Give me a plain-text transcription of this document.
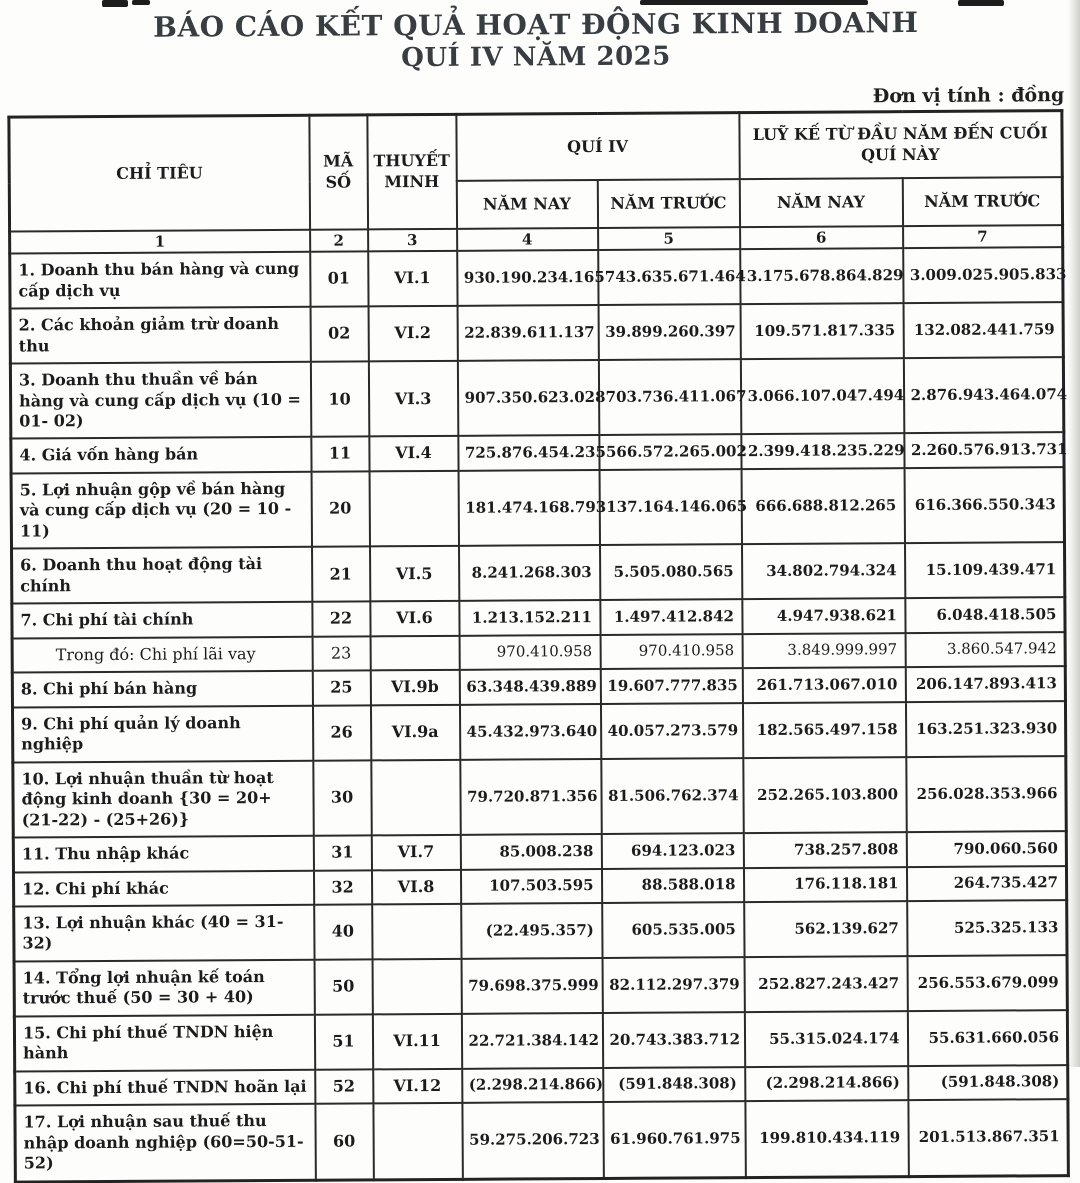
BÁO CÁO KẾT QUẢ HOẠT ĐỘNG KINH DOANH
QUÍ IV NĂM 2025
Đơn vị tính : đồng
CHỈ TIÊU	MÃ SỐ	THUYẾT MINH	QUÍ IV		LUỸ KẾ TỪ ĐẦU NĂM ĐẾN CUỐI QUÍ NÀY	
			NĂM NAY	NĂM TRƯỚC	NĂM NAY	NĂM TRƯỚC
1	2	3	4	5	6	7
1. Doanh thu bán hàng và cung cấp dịch vụ	01	VI.1	930.190.234.165	743.635.671.464	3.175.678.864.829	3.009.025.905.833
2. Các khoản giảm trừ doanh thu	02	VI.2	22.839.611.137	39.899.260.397	109.571.817.335	132.082.441.759
3. Doanh thu thuần về bán hàng và cung cấp dịch vụ (10 = 01- 02)	10	VI.3	907.350.623.028	703.736.411.067	3.066.107.047.494	2.876.943.464.074
4. Giá vốn hàng bán	11	VI.4	725.876.454.235	566.572.265.002	2.399.418.235.229	2.260.576.913.731
5. Lợi nhuận gộp về bán hàng và cung cấp dịch vụ (20 = 10 - 11)	20		181.474.168.793	137.164.146.065	666.688.812.265	616.366.550.343
6. Doanh thu hoạt động tài chính	21	VI.5	8.241.268.303	5.505.080.565	34.802.794.324	15.109.439.471
7. Chi phí tài chính	22	VI.6	1.213.152.211	1.497.412.842	4.947.938.621	6.048.418.505
Trong đó: Chi phí lãi vay	23		970.410.958	970.410.958	3.849.999.997	3.860.547.942
8. Chi phí bán hàng	25	VI.9b	63.348.439.889	19.607.777.835	261.713.067.010	206.147.893.413
9. Chi phí quản lý doanh nghiệp	26	VI.9a	45.432.973.640	40.057.273.579	182.565.497.158	163.251.323.930
10. Lợi nhuận thuần từ hoạt động kinh doanh {30 = 20+(21-22) - (25+26)}	30		79.720.871.356	81.506.762.374	252.265.103.800	256.028.353.966
11. Thu nhập khác	31	VI.7	85.008.238	694.123.023	738.257.808	790.060.560
12. Chi phí khác	32	VI.8	107.503.595	88.588.018	176.118.181	264.735.427
13. Lợi nhuận khác (40 = 31-32)	40		(22.495.357)	605.535.005	562.139.627	525.325.133
14. Tổng lợi nhuận kế toán trước thuế (50 = 30 + 40)	50		79.698.375.999	82.112.297.379	252.827.243.427	256.553.679.099
15. Chi phí thuế TNDN hiện hành	51	VI.11	22.721.384.142	20.743.383.712	55.315.024.174	55.631.660.056
16. Chi phí thuế TNDN hoãn lại	52	VI.12	(2.298.214.866)	(591.848.308)	(2.298.214.866)	(591.848.308)
17. Lợi nhuận sau thuế thu nhập doanh nghiệp (60=50-51-52)	60		59.275.206.723	61.960.761.975	199.810.434.119	201.513.867.351
